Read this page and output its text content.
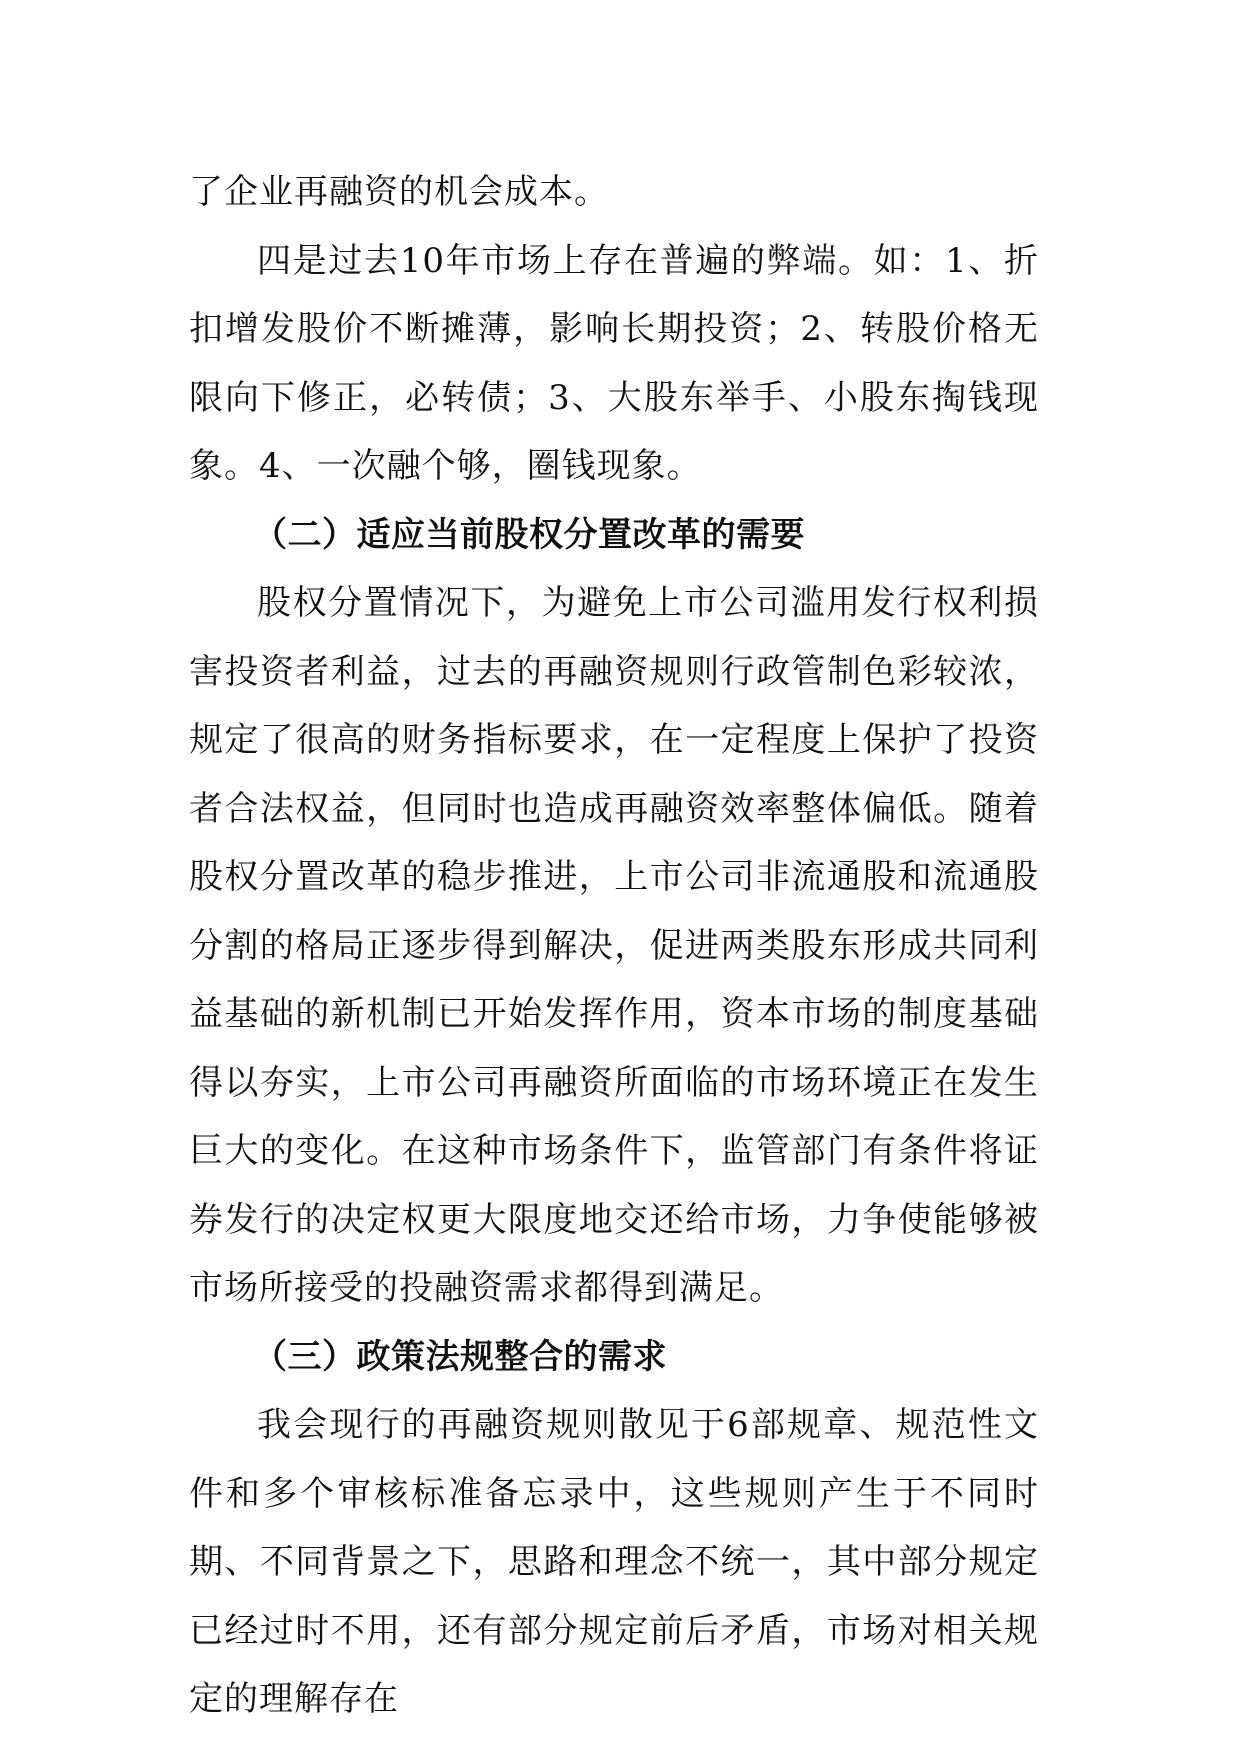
了企业再融资的机会成本。

四是过去10年市场上存在普遍的弊端。如：1、折扣增发股价不断摊薄，影响长期投资；2、转股价格无限向下修正，必转债；3、大股东举手、小股东掏钱现象。4、一次融个够，圈钱现象。

（二）适应当前股权分置改革的需要

股权分置情况下，为避免上市公司滥用发行权利损害投资者利益，过去的再融资规则行政管制色彩较浓，规定了很高的财务指标要求，在一定程度上保护了投资者合法权益，但同时也造成再融资效率整体偏低。随着股权分置改革的稳步推进，上市公司非流通股和流通股分割的格局正逐步得到解决，促进两类股东形成共同利益基础的新机制已开始发挥作用，资本市场的制度基础得以夯实，上市公司再融资所面临的市场环境正在发生巨大的变化。在这种市场条件下，监管部门有条件将证券发行的决定权更大限度地交还给市场，力争使能够被市场所接受的投融资需求都得到满足。

（三）政策法规整合的需求

我会现行的再融资规则散见于6部规章、规范性文件和多个审核标准备忘录中，这些规则产生于不同时期、不同背景之下，思路和理念不统一，其中部分规定已经过时不用，还有部分规定前后矛盾，市场对相关规定的理解存在
